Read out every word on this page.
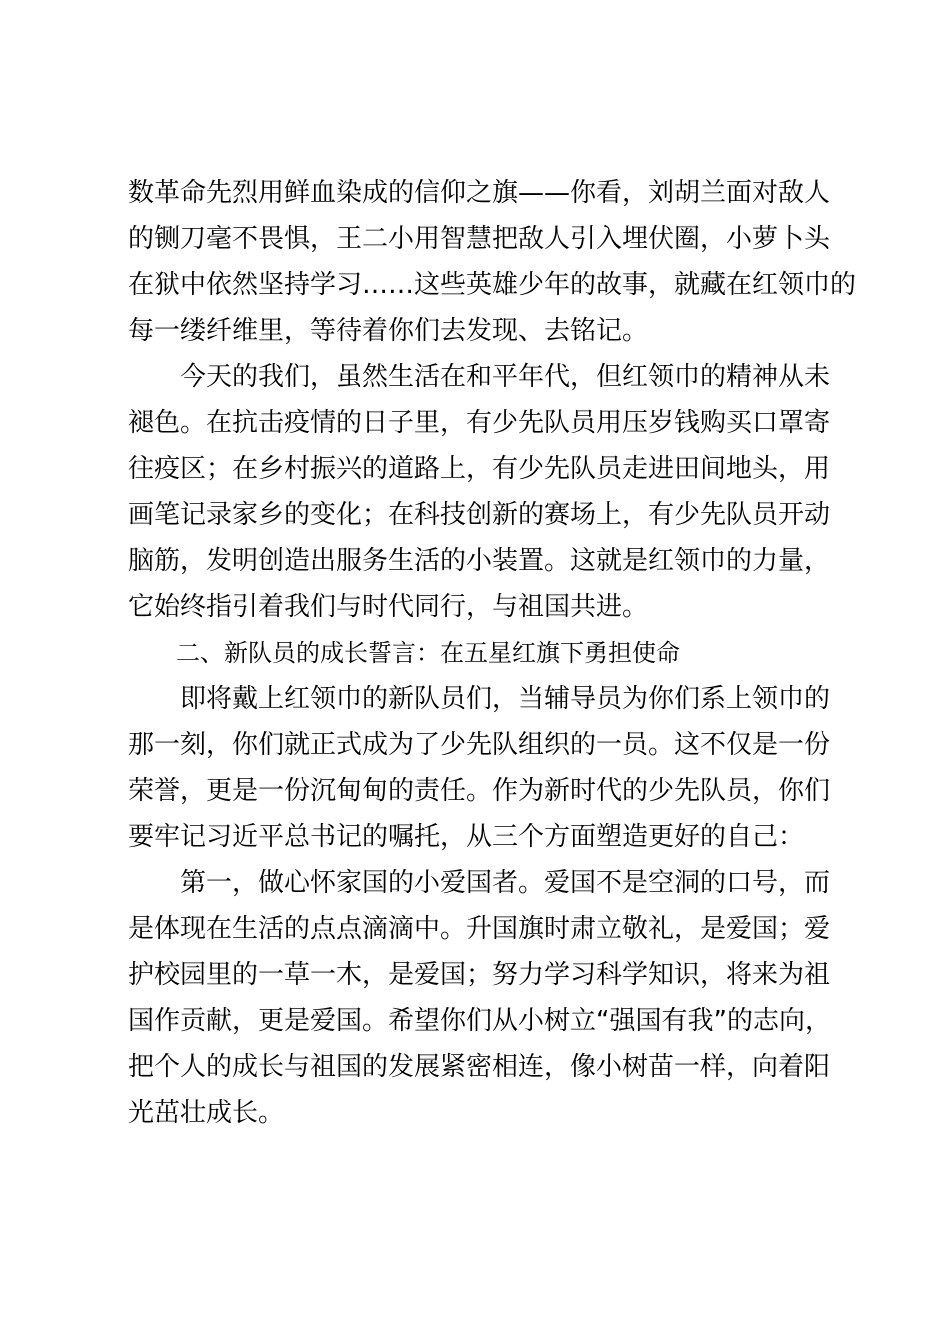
数革命先烈用鲜血染成的信仰之旗——你看，刘胡兰面对敌人
的铡刀毫不畏惧，王二小用智慧把敌人引入埋伏圈，小萝卜头
在狱中依然坚持学习……这些英雄少年的故事，就藏在红领巾的
每一缕纤维里，等待着你们去发现、去铭记。
　　今天的我们，虽然生活在和平年代，但红领巾的精神从未
褪色。在抗击疫情的日子里，有少先队员用压岁钱购买口罩寄
往疫区；在乡村振兴的道路上，有少先队员走进田间地头，用
画笔记录家乡的变化；在科技创新的赛场上，有少先队员开动
脑筋，发明创造出服务生活的小装置。这就是红领巾的力量，
它始终指引着我们与时代同行，与祖国共进。
　　二、新队员的成长誓言：在五星红旗下勇担使命
　　即将戴上红领巾的新队员们，当辅导员为你们系上领巾的
那一刻，你们就正式成为了少先队组织的一员。这不仅是一份
荣誉，更是一份沉甸甸的责任。作为新时代的少先队员，你们
要牢记习近平总书记的嘱托，从三个方面塑造更好的自己：
　　第一，做心怀家国的小爱国者。爱国不是空洞的口号，而
是体现在生活的点点滴滴中。升国旗时肃立敬礼，是爱国；爱
护校园里的一草一木，是爱国；努力学习科学知识，将来为祖
国作贡献，更是爱国。希望你们从小树立“强国有我”的志向，
把个人的成长与祖国的发展紧密相连，像小树苗一样，向着阳
光茁壮成长。
